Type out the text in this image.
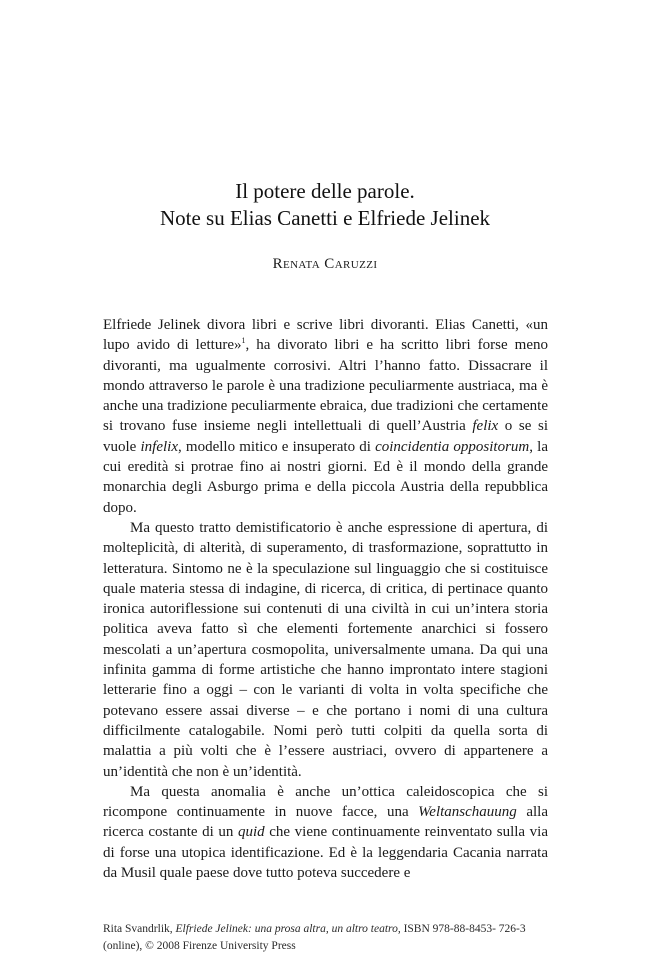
Il potere delle parole.
Note su Elias Canetti e Elfriede Jelinek
Renata Caruzzi

Elfriede Jelinek divora libri e scrive libri divoranti. Elias Canetti, «un lupo avido di letture»$^1$, ha divorato libri e ha scritto libri forse meno divoranti, ma ugualmente corrosivi. Altri l’hanno fatto. Dissacrare il mondo attraverso le parole è una tradizione peculiarmente austriaca, ma è anche una tradizione peculiarmente ebraica, due tradizioni che certamente si trovano fuse insieme negli intellettuali di quell’Austria felix o se si vuole infelix, modello mitico e insuperato di coincidentia oppositorum, la cui eredità si protrae fino ai nostri giorni. Ed è il mondo della grande monarchia degli Asburgo prima e della piccola Austria della repubblica dopo.

Ma questo tratto demistificatorio è anche espressione di apertura, di molteplicità, di alterità, di superamento, di trasformazione, soprattutto in letteratura. Sintomo ne è la speculazione sul linguaggio che si costituisce quale materia stessa di indagine, di ricerca, di critica, di pertinace quanto ironica autoriflessione sui contenuti di una civiltà in cui un’intera storia politica aveva fatto sì che elementi fortemente anarchici si fossero mescolati a un’apertura cosmopolita, universalmente umana. Da qui una infinita gamma di forme artistiche che hanno improntato intere stagioni letterarie fino a oggi – con le varianti di volta in volta specifiche che potevano essere assai diverse – e che portano i nomi di una cultura difficilmente catalogabile. Nomi però tutti colpiti da quella sorta di malattia a più volti che è l’essere austriaci, ovvero di appartenere a un’identità che non è un’identità.

Ma questa anomalia è anche un’ottica caleidoscopica che si ricompone continuamente in nuove facce, una Weltanschauung alla ricerca costante di un quid che viene continuamente reinventato sulla via di forse una utopica identificazione. Ed è la leggendaria Cacania narrata da Musil quale paese dove tutto poteva succedere e

Rita Svandrlik, Elfriede Jelinek: una prosa altra, un altro teatro, ISBN 978-88-8453- 726-3 (online), © 2008 Firenze University Press
